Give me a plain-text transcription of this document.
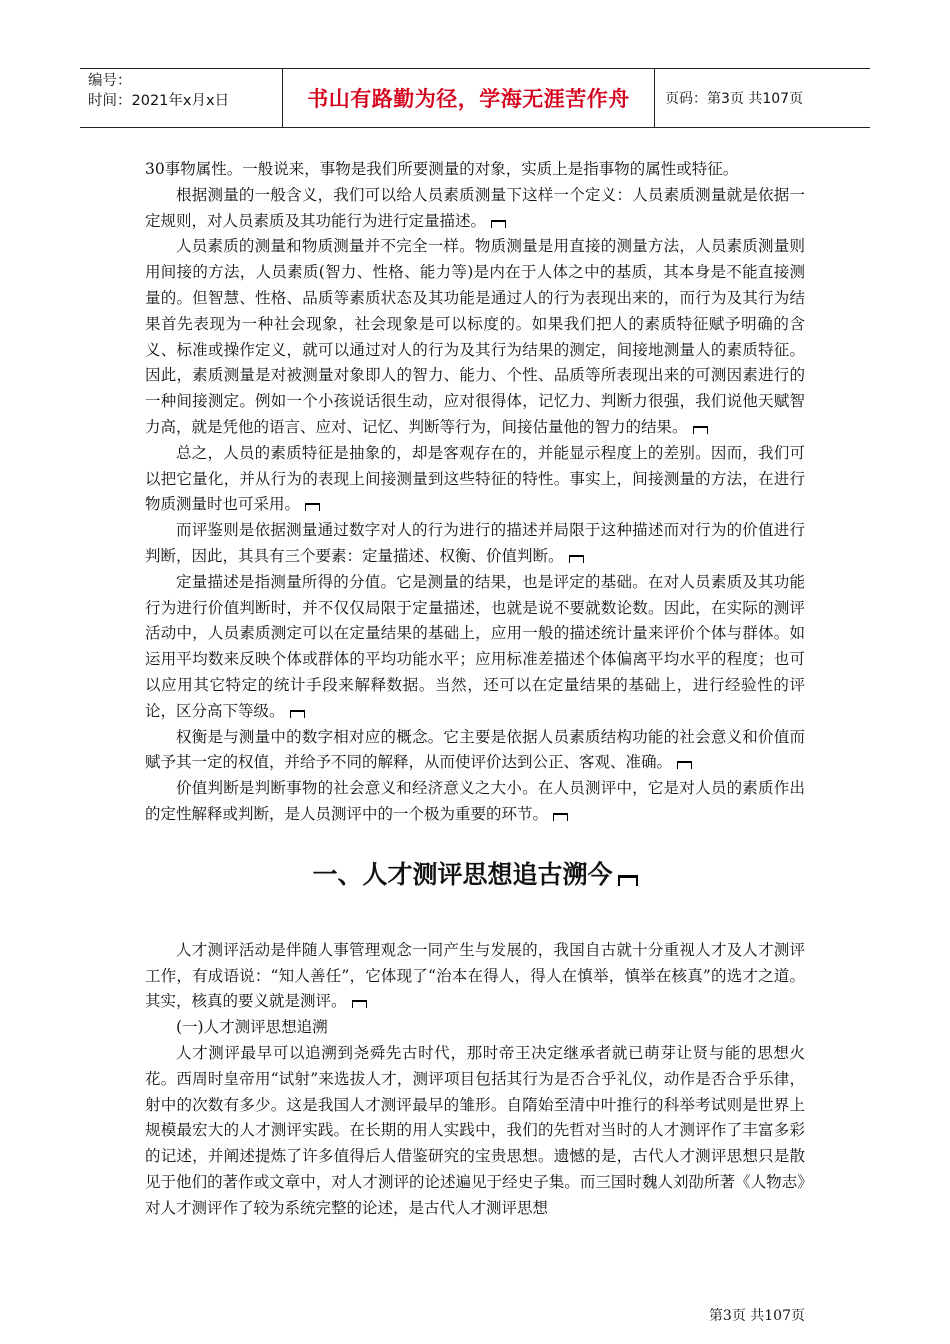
编号：
时间：2021年x月x日	书山有路勤为径，学海无涯苦作舟	页码：第3页 共107页

30事物属性。一般说来，事物是我们所要测量的对象，实质上是指事物的属性或特征。

根据测量的一般含义，我们可以给人员素质测量下这样一个定义：人员素质测量就是依据一定规则，对人员素质及其功能行为进行定量描述。

人员素质的测量和物质测量并不完全一样。物质测量是用直接的测量方法，人员素质测量则用间接的方法，人员素质(智力、性格、能力等)是内在于人体之中的基质，其本身是不能直接测量的。但智慧、性格、品质等素质状态及其功能是通过人的行为表现出来的，而行为及其行为结果首先表现为一种社会现象，社会现象是可以标度的。如果我们把人的素质特征赋予明确的含义、标准或操作定义，就可以通过对人的行为及其行为结果的测定，间接地测量人的素质特征。因此，素质测量是对被测量对象即人的智力、能力、个性、品质等所表现出来的可测因素进行的一种间接测定。例如一个小孩说话很生动，应对很得体，记忆力、判断力很强，我们说他天赋智力高，就是凭他的语言、应对、记忆、判断等行为，间接估量他的智力的结果。

总之，人员的素质特征是抽象的，却是客观存在的，并能显示程度上的差别。因而，我们可以把它量化，并从行为的表现上间接测量到这些特征的特性。事实上，间接测量的方法，在进行物质测量时也可采用。

而评鉴则是依据测量通过数字对人的行为进行的描述并局限于这种描述而对行为的价值进行判断，因此，其具有三个要素：定量描述、权衡、价值判断。

定量描述是指测量所得的分值。它是测量的结果，也是评定的基础。在对人员素质及其功能行为进行价值判断时，并不仅仅局限于定量描述，也就是说不要就数论数。因此，在实际的测评活动中，人员素质测定可以在定量结果的基础上，应用一般的描述统计量来评价个体与群体。如运用平均数来反映个体或群体的平均功能水平；应用标准差描述个体偏离平均水平的程度；也可以应用其它特定的统计手段来解释数据。当然，还可以在定量结果的基础上，进行经验性的评论，区分高下等级。

权衡是与测量中的数字相对应的概念。它主要是依据人员素质结构功能的社会意义和价值而赋予其一定的权值，并给予不同的解释，从而使评价达到公正、客观、准确。

价值判断是判断事物的社会意义和经济意义之大小。在人员测评中，它是对人员的素质作出的定性解释或判断，是人员测评中的一个极为重要的环节。

一、人才测评思想追古溯今

人才测评活动是伴随人事管理观念一同产生与发展的，我国自古就十分重视人才及人才测评工作，有成语说：“知人善任”，它体现了“治本在得人，得人在慎举，慎举在核真”的选才之道。其实，核真的要义就是测评。

(一)人才测评思想追溯

人才测评最早可以追溯到尧舜先古时代，那时帝王决定继承者就已萌芽让贤与能的思想火花。西周时皇帝用“试射”来选拔人才，测评项目包括其行为是否合乎礼仪，动作是否合乎乐律，射中的次数有多少。这是我国人才测评最早的雏形。自隋始至清中叶推行的科举考试则是世界上规模最宏大的人才测评实践。在长期的用人实践中，我们的先哲对当时的人才测评作了丰富多彩的记述，并阐述提炼了许多值得后人借鉴研究的宝贵思想。遗憾的是，古代人才测评思想只是散见于他们的著作或文章中，对人才测评的论述遍见于经史子集。而三国时魏人刘劭所著《人物志》对人才测评作了较为系统完整的论述，是古代人才测评思想

第3页 共107页
